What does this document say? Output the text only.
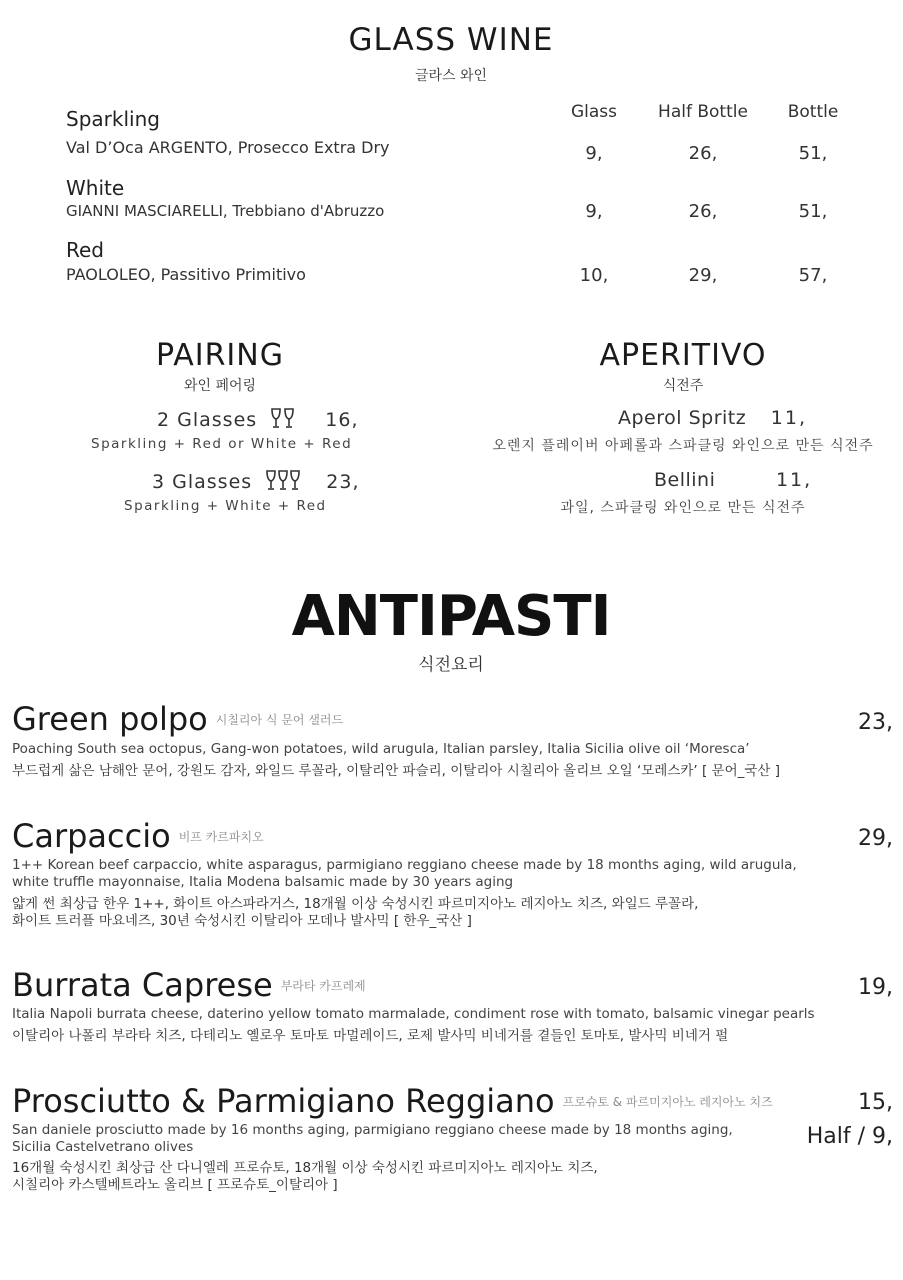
GLASS WINE
글라스 와인
Glass Half Bottle Bottle
Sparkling
Val D’Oca ARGENTO, Prosecco Extra Dry	9,	26,	51,
White
GIANNI MASCIARELLI, Trebbiano d'Abruzzo	9,	26,	51,
Red
PAOLOLEO, Passitivo Primitivo	10,	29,	57,
PAIRING
와인 페어링
2 Glasses	16,
Sparkling + Red or White + Red
3 Glasses	23,
Sparkling + White + Red
APERITIVO
식전주
Aperol Spritz 11,
오렌지 플레이버 아페롤과 스파클링 와인으로 만든 식전주
Bellini	11,
과일, 스파클링 와인으로 만든 식전주
ANTIPASTI
식전요리
Green polpo 시칠리아 식 문어 샐러드	23,
Poaching South sea octopus, Gang-won potatoes, wild arugula, Italian parsley, Italia Sicilia olive oil ‘Moresca’
부드럽게 삶은 남해안 문어, 강원도 감자, 와일드 루꼴라, 이탈리안 파슬리, 이탈리아 시칠리아 올리브 오일 ‘모레스카’ [ 문어_국산 ]
Carpaccio 비프 카르파치오	29,
1++ Korean beef carpaccio, white asparagus, parmigiano reggiano cheese made by 18 months aging, wild arugula,
white truffle mayonnaise, Italia Modena balsamic made by 30 years aging
얇게 썬 최상급 한우 1++, 화이트 아스파라거스, 18개월 이상 숙성시킨 파르미지아노 레지아노 치즈, 와일드 루꼴라,
화이트 트러플 마요네즈, 30년 숙성시킨 이탈리아 모데나 발사믹 [ 한우_국산 ]
Burrata Caprese 부라타 카프레제	19,
Italia Napoli burrata cheese, daterino yellow tomato marmalade, condiment rose with tomato, balsamic vinegar pearls
이탈리아 나폴리 부라타 치즈, 다테리노 옐로우 토마토 마멀레이드, 로제 발사믹 비네거를 곁들인 토마토, 발사믹 비네거 펄
Prosciutto & Parmigiano Reggiano 프로슈토 & 파르미지아노 레지아노 치즈	15,
Half / 9,
San daniele prosciutto made by 16 months aging, parmigiano reggiano cheese made by 18 months aging,
Sicilia Castelvetrano olives
16개월 숙성시킨 최상급 산 다니엘레 프로슈토, 18개월 이상 숙성시킨 파르미지아노 레지아노 치즈,
시칠리아 카스텔베트라노 올리브 [ 프로슈토_이탈리아 ]
